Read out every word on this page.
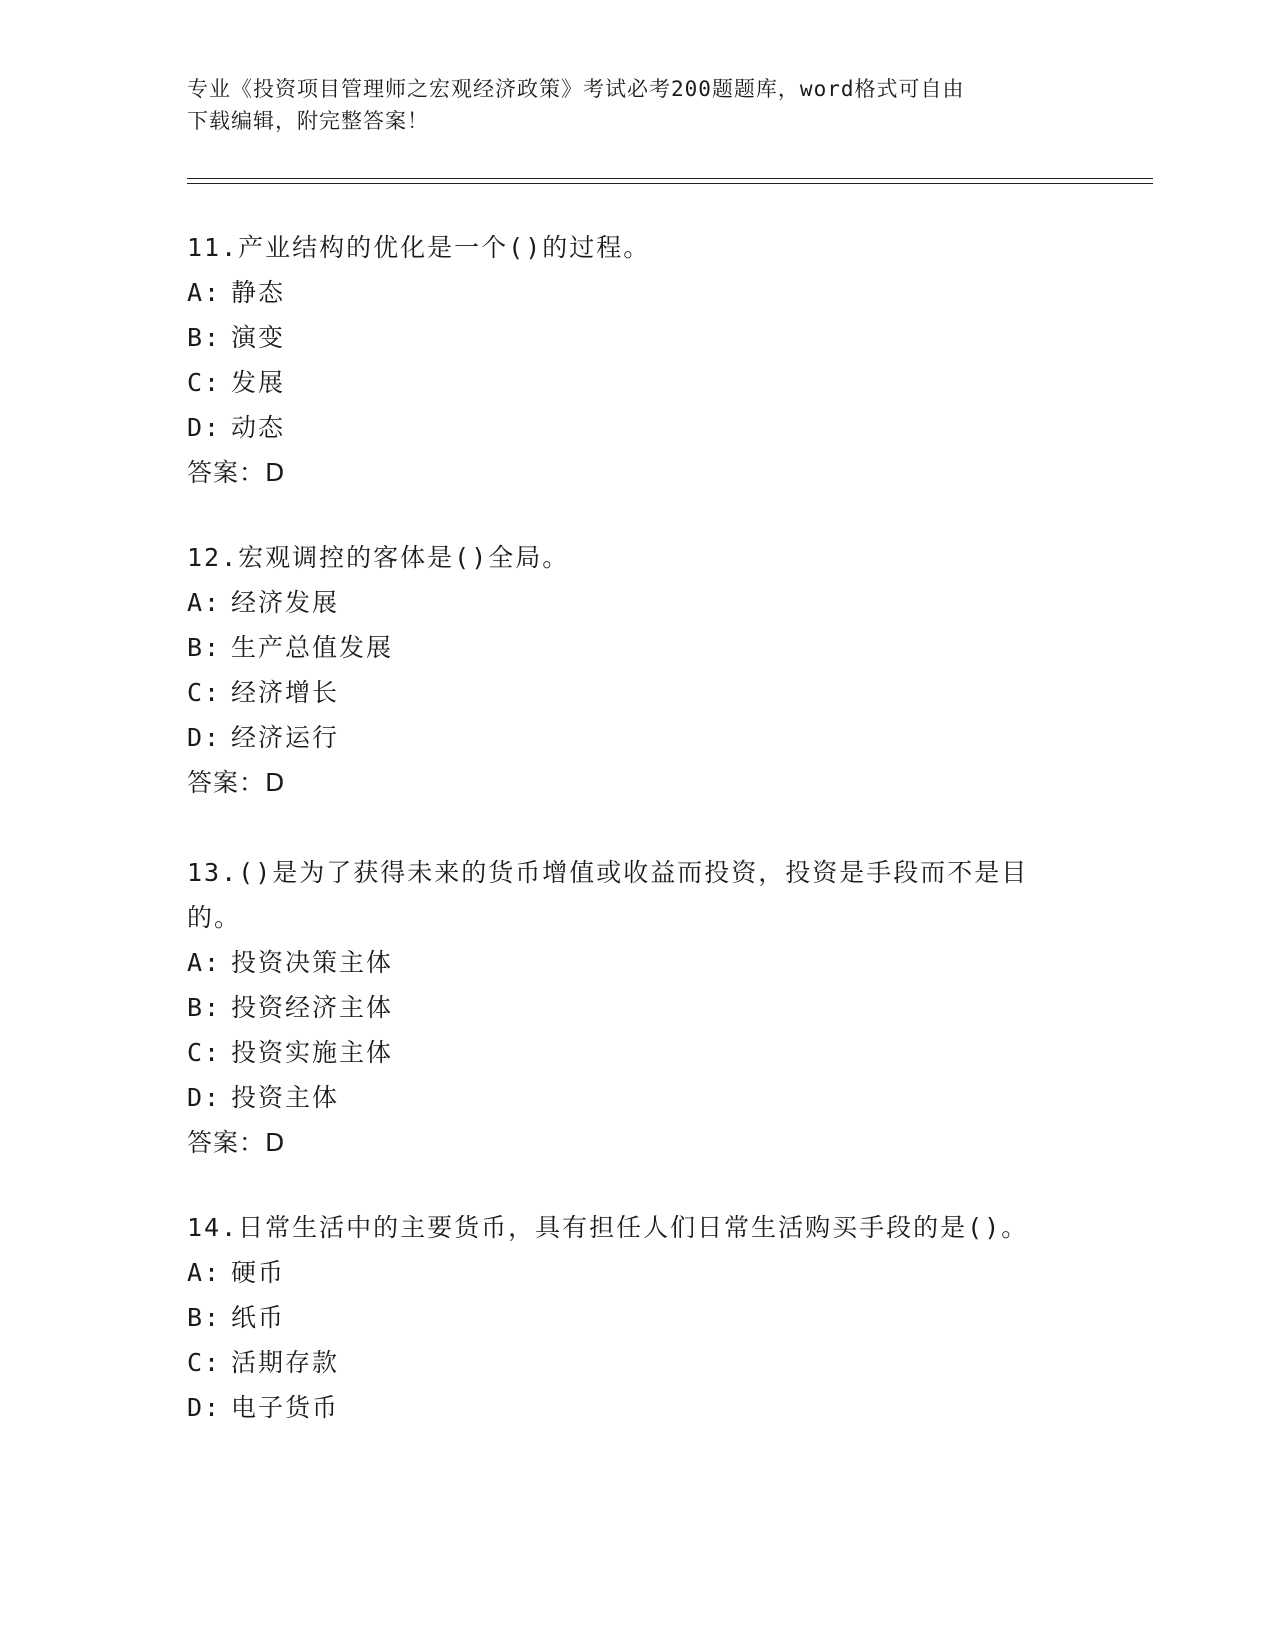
专业《投资项目管理师之宏观经济政策》考试必考200题题库，word格式可自由
下载编辑，附完整答案！
11.产业结构的优化是一个()的过程。
A: 静态
B: 演变
C: 发展
D: 动态
答案：D
12.宏观调控的客体是()全局。
A: 经济发展
B: 生产总值发展
C: 经济增长
D: 经济运行
答案：D
13.()是为了获得未来的货币增值或收益而投资，投资是手段而不是目
的。
A: 投资决策主体
B: 投资经济主体
C: 投资实施主体
D: 投资主体
答案：D
14.日常生活中的主要货币，具有担任人们日常生活购买手段的是()。
A: 硬币
B: 纸币
C: 活期存款
D: 电子货币
